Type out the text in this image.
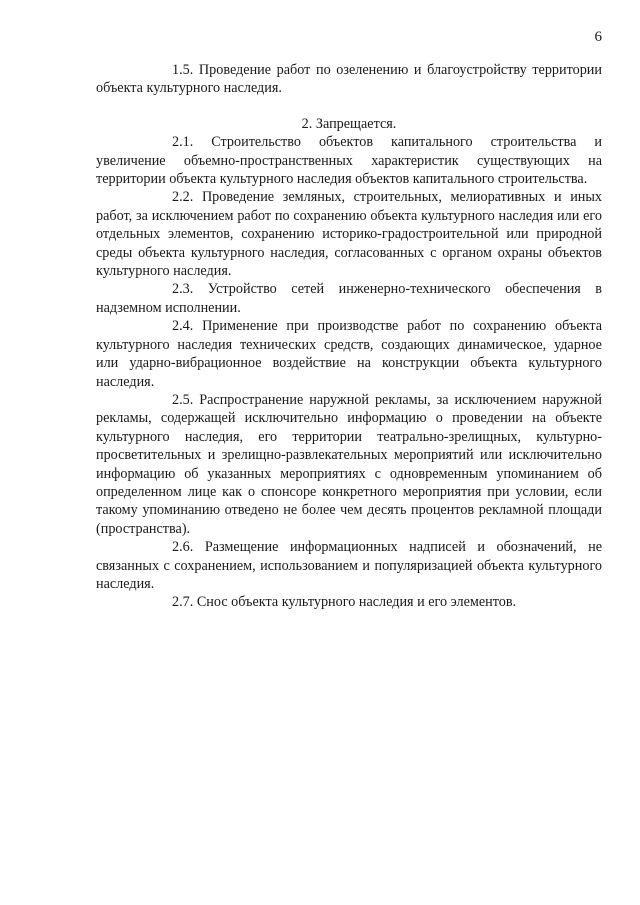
6

1.5. Проведение работ по озеленению и благоустройству территории объекта культурного наследия.

2. Запрещается.

2.1. Строительство объектов капитального строительства и увеличение объемно-пространственных характеристик существующих на территории объекта культурного наследия объектов капитального строительства.

2.2. Проведение земляных, строительных, мелиоративных и иных работ, за исключением работ по сохранению объекта культурного наследия или его отдельных элементов, сохранению историко-градостроительной или природной среды объекта культурного наследия, согласованных с органом охраны объектов культурного наследия.

2.3. Устройство сетей инженерно-технического обеспечения в надземном исполнении.

2.4. Применение при производстве работ по сохранению объекта культурного наследия технических средств, создающих динамическое, ударное или ударно-вибрационное воздействие на конструкции объекта культурного наследия.

2.5. Распространение наружной рекламы, за исключением наружной рекламы, содержащей исключительно информацию о проведении на объекте культурного наследия, его территории театрально-зрелищных, культурно-просветительных и зрелищно-развлекательных мероприятий или исключительно информацию об указанных мероприятиях с одновременным упоминанием об определенном лице как о спонсоре конкретного мероприятия при условии, если такому упоминанию отведено не более чем десять процентов рекламной площади (пространства).

2.6. Размещение информационных надписей и обозначений, не связанных с сохранением, использованием и популяризацией объекта культурного наследия.

2.7. Снос объекта культурного наследия и его элементов.
